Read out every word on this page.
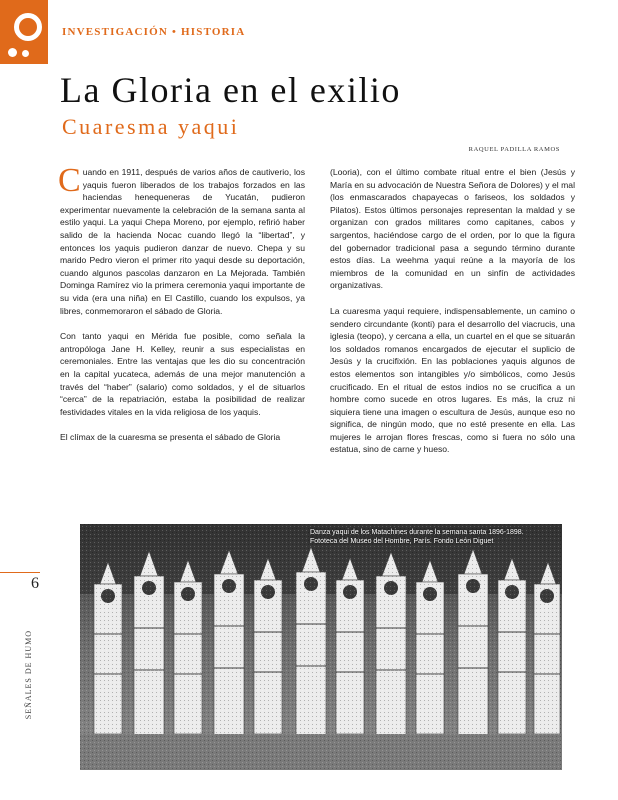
INVESTIGACIÓN • HISTORIA
La Gloria en el exilio
Cuaresma yaqui
RAQUEL PADILLA RAMOS

Cuando en 1911, después de varios años de cautiverio, los yaquis fueron liberados de los trabajos forzados en las haciendas henequeneras de Yucatán, pudieron experimentar nuevamente la celebración de la semana santa al estilo yaqui. La yaqui Chepa Moreno, por ejemplo, refirió haber salido de la hacienda Nocac cuando llegó la “libertad”, y entonces los yaquis pudieron danzar de nuevo. Chepa y su marido Pedro vieron el primer rito yaqui desde su deportación, cuando algunos pascolas danzaron en La Mejorada. También Dominga Ramírez vio la primera ceremonia yaqui importante de su vida (era una niña) en El Castillo, cuando los expulsos, ya libres, conmemoraron el sábado de Gloria.

Con tanto yaqui en Mérida fue posible, como señala la antropóloga Jane H. Kelley, reunir a sus especialistas en ceremoniales. Entre las ventajas que les dio su concentración en la capital yucateca, además de una mejor manutención a través del “haber” (salario) como soldados, y el de situarlos “cerca” de la repatriación, estaba la posibilidad de realizar festividades vitales en la vida religiosa de los yaquis.

El clímax de la cuaresma se presenta el sábado de Gloria

(Looria), con el último combate ritual entre el bien (Jesús y María en su advocación de Nuestra Señora de Dolores) y el mal (los enmascarados chapayecas o fariseos, los soldados y Pilatos). Estos últimos personajes representan la maldad y se organizan con grados militares como capitanes, cabos y sargentos, haciéndose cargo de el orden, por lo que la figura del gobernador tradicional pasa a segundo término durante estos días. La weehma yaqui reúne a la mayoría de los miembros de la comunidad en un sinfín de actividades organizativas.

La cuaresma yaqui requiere, indispensablemente, un camino o sendero circundante (konti) para el desarrollo del viacrucis, una iglesia (teopo), y cercana a ella, un cuartel en el que se situarán los soldados romanos encargados de ejecutar el suplicio de Jesús y la crucifixión. En las poblaciones yaquis algunos de estos elementos son intangibles y/o simbólicos, como Jesús crucificado. En el ritual de estos indios no se crucifica a un hombre como sucede en otros lugares. Es más, la cruz ni siquiera tiene una imagen o escultura de Jesús, aunque eso no significa, de ningún modo, que no esté presente en ella. Las mujeres le arrojan flores frescas, como si fuera no sólo una estatua, sino de carne y hueso.

6
SEÑALES DE HUMO
Danza yaqui de los Matachines durante la semana santa 1896-1898. Fototeca del Museo del Hombre, París. Fondo León Diguet
